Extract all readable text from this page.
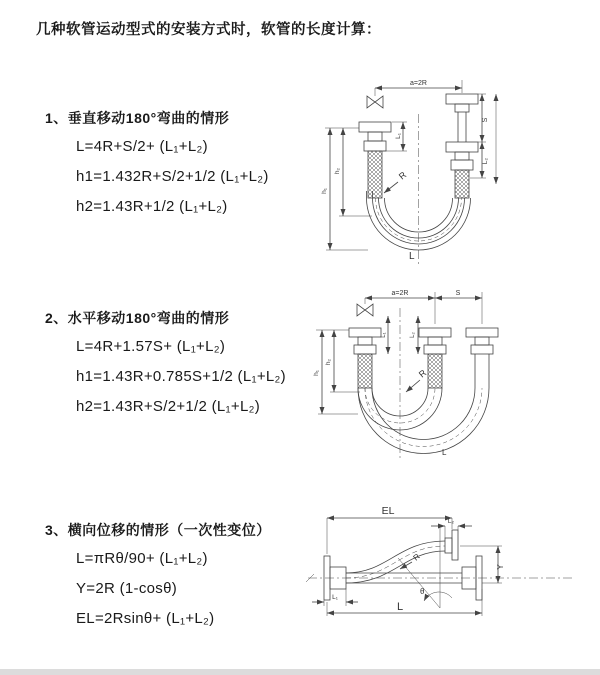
几种软管运动型式的安装方式时，软管的长度计算：
1、垂直移动180°弯曲的情形
L=4R+S/2+ (L₁+L₂)
h1=1.432R+S/2+1/2 (L₁+L₂)
h2=1.43R+1/2 (L₁+L₂)
a=2R
L₁
S
L₂
h₁
h₂	R
L
2、水平移动180°弯曲的情形
L=4R+1.57S+ (L₁+L₂)
h1=1.43R+0.785S+1/2 (L₁+L₂)
h2=1.43R+S/2+1/2 (L₁+L₂)
a=2R	S
L₁	L₂
h₁
h₂
R
L
3、横向位移的情形（一次性变位）
L=πRθ/90+ (L₁+L₂)
Y=2R (1-cosθ)
EL=2Rsinθ+ (L₁+L₂)
EL
L₂
R
Y
θ
L₁
L
